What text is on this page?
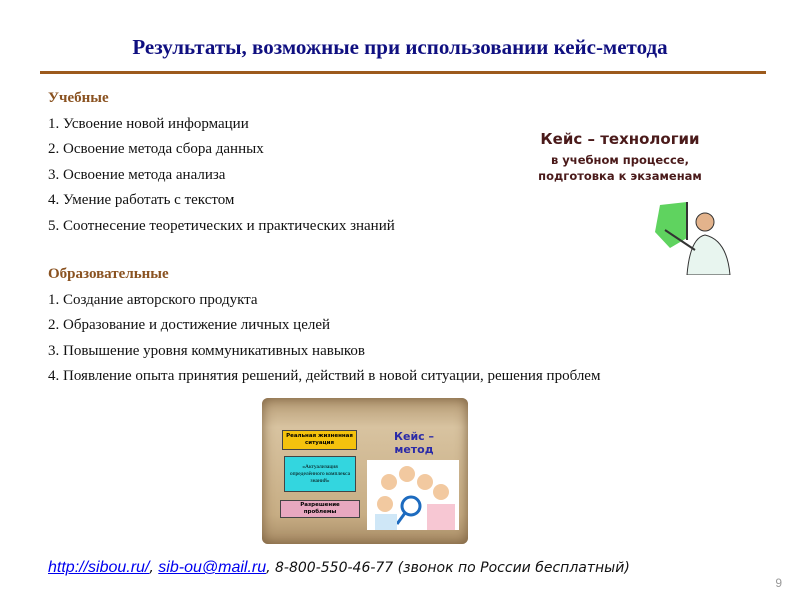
Результаты, возможные при использовании кейс-метода
Учебные
1. Усвоение новой информации
2. Освоение метода сбора данных
3. Освоение метода анализа
4. Умение работать с текстом
5. Соотнесение теоретических и практических знаний
Образовательные
1. Создание авторского продукта
2. Образование и достижение личных целей
3. Повышение уровня коммуникативных навыков
4. Появление опыта принятия решений, действий в новой ситуации, решения проблем
Кейс – технологии
в учебном процессе,
подготовка к экзаменам
Реальная жизненная ситуация
«Актуализация определённого комплекса знаний»
Разрешение проблемы
Кейс –
метод
http://sibou.ru/, sib-ou@mail.ru, 8-800-550-46-77 (звонок по России бесплатный)
9
